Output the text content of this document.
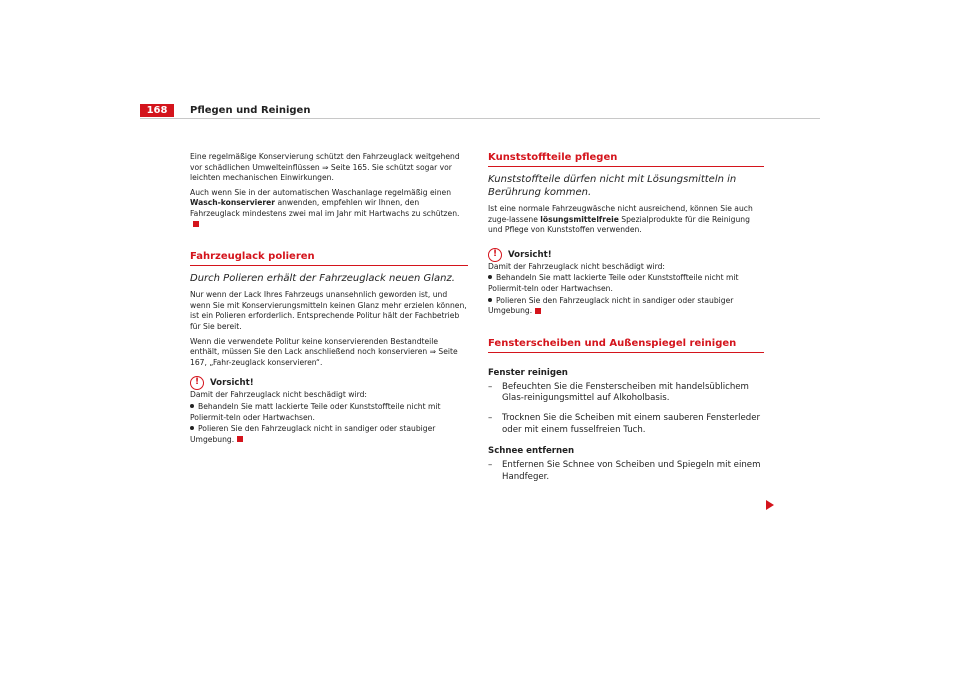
168	Pflegen und Reinigen

Eine regelmäßige Konservierung schützt den Fahrzeuglack weitgehend vor schädlichen Umwelteinflüssen ⇒ Seite 165. Sie schützt sogar vor leichten mechanischen Einwirkungen.

Auch wenn Sie in der automatischen Waschanlage regelmäßig einen Wasch-konservierer anwenden, empfehlen wir Ihnen, den Fahrzeuglack mindestens zwei mal im Jahr mit Hartwachs zu schützen.

Fahrzeuglack polieren
Durch Polieren erhält der Fahrzeuglack neuen Glanz.

Nur wenn der Lack Ihres Fahrzeugs unansehnlich geworden ist, und wenn Sie mit Konservierungsmitteln keinen Glanz mehr erzielen können, ist ein Polieren erforderlich. Entsprechende Politur hält der Fachbetrieb für Sie bereit.

Wenn die verwendete Politur keine konservierenden Bestandteile enthält, müssen Sie den Lack anschließend noch konservieren ⇒ Seite 167, „Fahr-zeuglack konservieren“.

!	Vorsicht!

Damit der Fahrzeuglack nicht beschädigt wird:

Behandeln Sie matt lackierte Teile oder Kunststoffteile nicht mit Poliermit-teln oder Hartwachsen.

Polieren Sie den Fahrzeuglack nicht in sandiger oder staubiger Umgebung.

Kunststoffteile pflegen
Kunststoffteile dürfen nicht mit Lösungsmitteln in Berührung kommen.

Ist eine normale Fahrzeugwäsche nicht ausreichend, können Sie auch zuge-lassene lösungsmittelfreie Spezialprodukte für die Reinigung und Pflege von Kunststoffen verwenden.

!	Vorsicht!

Damit der Fahrzeuglack nicht beschädigt wird:

Behandeln Sie matt lackierte Teile oder Kunststoffteile nicht mit Poliermit-teln oder Hartwachsen.

Polieren Sie den Fahrzeuglack nicht in sandiger oder staubiger Umgebung.

Fensterscheiben und Außenspiegel reinigen
Fenster reinigen
–	Befeuchten Sie die Fensterscheiben mit handelsüblichem Glas-reinigungsmittel auf Alkoholbasis.
–	Trocknen Sie die Scheiben mit einem sauberen Fensterleder oder mit einem fusselfreien Tuch.
Schnee entfernen
–	Entfernen Sie Schnee von Scheiben und Spiegeln mit einem Handfeger.
